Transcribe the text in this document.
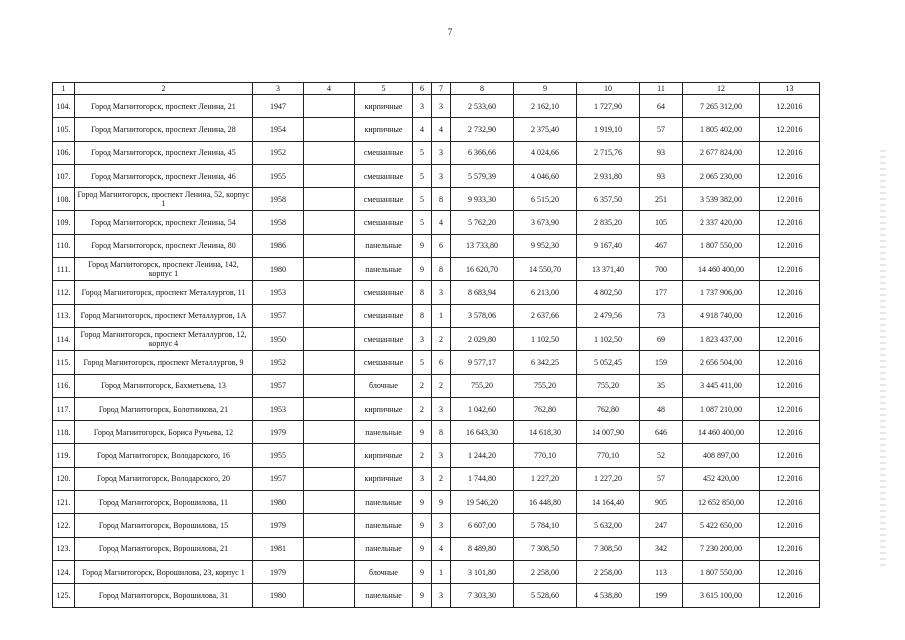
7
1	2	3	4	5	6	7	8	9	10	11	12	13
104.	Город Магнитогорск, проспект Ленина, 21	1947		кирпичные	3	3	2 533,60	2 162,10	1 727,90	64	7 265 312,00	12.2016
105.	Город Магнитогорск, проспект Ленина, 28	1954		кирпичные	4	4	2 732,90	2 375,40	1 919,10	57	1 805 402,00	12.2016
106.	Город Магнитогорск, проспект Ленина, 45	1952		смешанные	5	3	6 366,66	4 024,66	2 715,76	93	2 677 824,00	12.2016
107.	Город Магнитогорск, проспект Ленина, 46	1955		смешанные	5	3	5 579,39	4 046,60	2 931,80	93	2 065 230,00	12.2016
108.	Город Магнитогорск, проспект Ленина, 52, корпус 1	1958		смешанные	5	8	9 933,30	6 515,20	6 357,50	251	3 539 382,00	12.2016
109.	Город Магнитогорск, проспект Ленина, 54	1958		смешанные	5	4	5 762,20	3 673,90	2 835,20	105	2 337 420,00	12.2016
110.	Город Магнитогорск, проспект Ленина, 80	1986		панельные	9	6	13 733,80	9 952,30	9 167,40	467	1 807 550,00	12.2016
111.	Город Магнитогорск, проспект Ленина, 142, корпус 1	1980		панельные	9	8	16 620,70	14 550,70	13 371,40	700	14 460 400,00	12.2016
112.	Город Магнитогорск, проспект Металлургов, 11	1953		смешанные	8	3	8 683,94	6 213,00	4 802,50	177	1 737 906,00	12.2016
113.	Город Магнитогорск, проспект Металлургов, 1А	1957		смешанные	8	1	3 578,06	2 637,66	2 479,56	73	4 918 740,00	12.2016
114.	Город Магнитогорск, проспект Металлургов, 12, корпус 4	1950		смешанные	3	2	2 029,80	1 102,50	1 102,50	69	1 823 437,00	12.2016
115.	Город Магнитогорск, проспект Металлургов, 9	1952		смешанные	5	6	9 577,17	6 342,25	5 052,45	159	2 656 504,00	12.2016
116.	Город Магнитогорск, Бахметьева, 13	1957		блочные	2	2	755,20	755,20	755,20	35	3 445 411,00	12.2016
117.	Город Магнитогорск, Болотникова, 21	1953		кирпичные	2	3	1 042,60	762,80	762,80	48	1 087 210,00	12.2016
118.	Город Магнитогорск, Бориса Ручьева, 12	1979		панельные	9	8	16 643,30	14 618,30	14 007,90	646	14 460 400,00	12.2016
119.	Город Магнитогорск, Володарского, 16	1955		кирпичные	2	3	1 244,20	770,10	770,10	52	408 897,00	12.2016
120.	Город Магнитогорск, Володарского, 20	1957		кирпичные	3	2	1 744,80	1 227,20	1 227,20	57	452 420,00	12.2016
121.	Город Магнитогорск, Ворошилова, 11	1980		панельные	9	9	19 546,20	16 448,80	14 164,40	905	12 652 850,00	12.2016
122.	Город Магнитогорск, Ворошилова, 15	1979		панельные	9	3	6 607,00	5 784,10	5 632,00	247	5 422 650,00	12.2016
123.	Город Магнитогорск, Ворошилова, 21	1981		панельные	9	4	8 489,80	7 308,50	7 308,50	342	7 230 200,00	12.2016
124.	Город Магнитогорск, Ворошилова, 23, корпус 1	1979		блочные	9	1	3 101,80	2 258,00	2 258,00	113	1 807 550,00	12.2016
125.	Город Магнитогорск, Ворошилова, 31	1980		панельные	9	3	7 303,30	5 528,60	4 538,80	199	3 615 100,00	12.2016
